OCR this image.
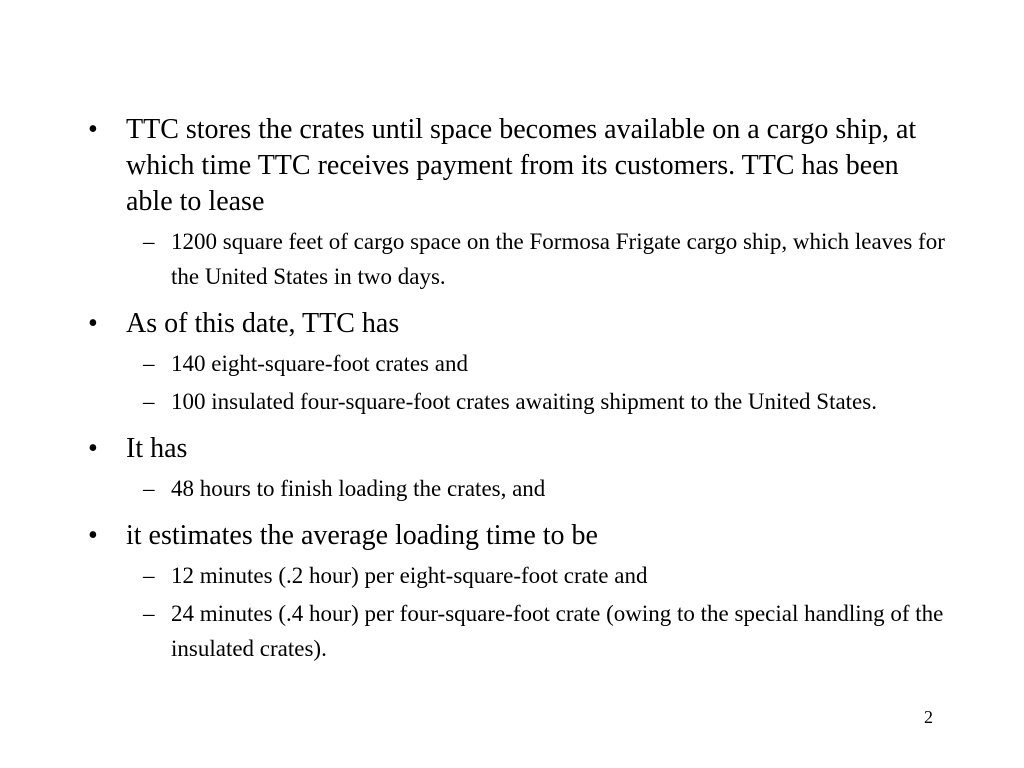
• TTC stores the crates until space becomes available on a cargo ship, at which time TTC receives payment from its customers. TTC has been able to lease
– 1200 square feet of cargo space on the Formosa Frigate cargo ship, which leaves for the United States in two days.
• As of this date, TTC has
– 140 eight-square-foot crates and
– 100 insulated four-square-foot crates awaiting shipment to the United States.
• It has
– 48 hours to finish loading the crates, and
• it estimates the average loading time to be
– 12 minutes (.2 hour) per eight-square-foot crate and
– 24 minutes (.4 hour) per four-square-foot crate (owing to the special handling of the insulated crates).
2
